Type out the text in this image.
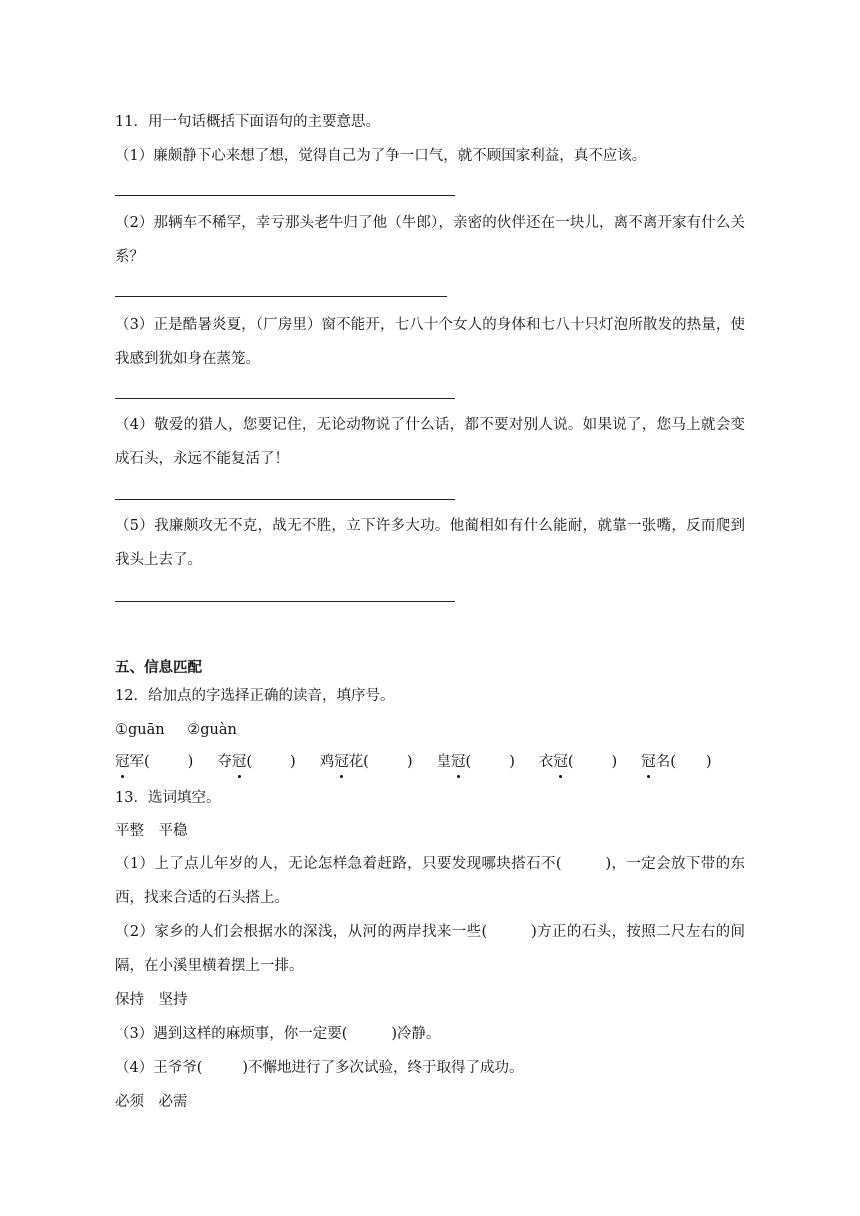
11．用一句话概括下面语句的主要意思。
（1）廉颇静下心来想了想，觉得自己为了争一口气，就不顾国家利益，真不应该。
（2）那辆车不稀罕，幸亏那头老牛归了他（牛郎），亲密的伙伴还在一块儿，离不离开家有什么关系？
（3）正是酷暑炎夏，（厂房里）窗不能开，七八十个女人的身体和七八十只灯泡所散发的热量，使我感到犹如身在蒸笼。
（4）敬爱的猎人，您要记住，无论动物说了什么话，都不要对别人说。如果说了，您马上就会变成石头，永远不能复活了！
（5）我廉颇攻无不克，战无不胜，立下许多大功。他蔺相如有什么能耐，就靠一张嘴，反而爬到我头上去了。
五、信息匹配
12．给加点的字选择正确的读音，填序号。
①guān ②guàn
冠军(	) 夺冠(	) 鸡冠花(	) 皇冠(	) 衣冠(	) 冠名( )
13．选词填空。
平整　平稳
（1）上了点儿年岁的人，无论怎样急着赶路，只要发现哪块搭石不(	)，一定会放下带的东西，找来合适的石头搭上。
（2）家乡的人们会根据水的深浅，从河的两岸找来一些(	)方正的石头，按照二尺左右的间隔，在小溪里横着摆上一排。
保持　坚持
（3）遇到这样的麻烦事，你一定要(	)冷静。
（4）王爷爷(	)不懈地进行了多次试验，终于取得了成功。
必须　必需
